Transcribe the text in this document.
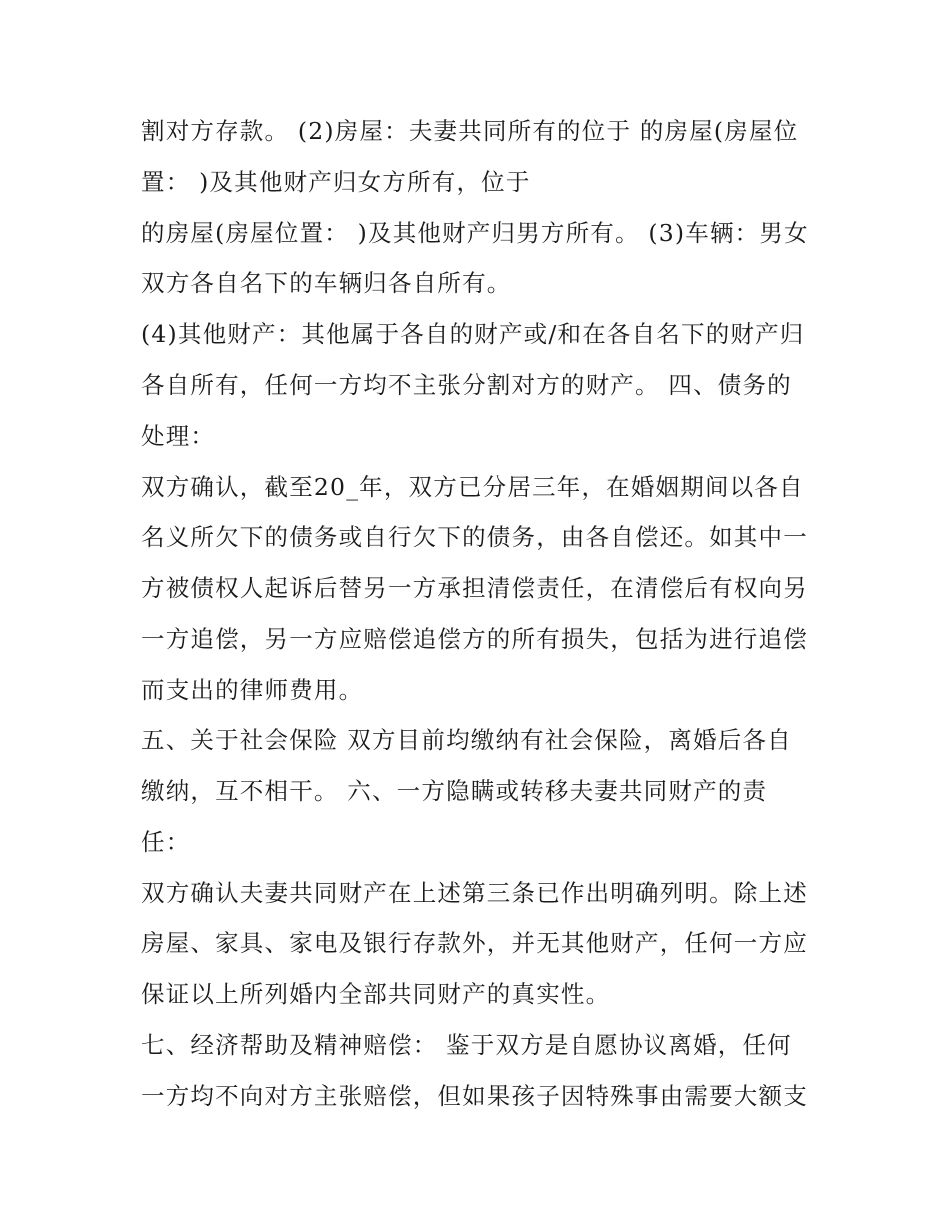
割对方存款。 (2)房屋：夫妻共同所有的位于 的房屋(房屋位
置： )及其他财产归女方所有，位于
的房屋(房屋位置： )及其他财产归男方所有。 (3)车辆：男女
双方各自名下的车辆归各自所有。
(4)其他财产：其他属于各自的财产或/和在各自名下的财产归
各自所有，任何一方均不主张分割对方的财产。 四、债务的
处理：
双方确认，截至20_年，双方已分居三年，在婚姻期间以各自
名义所欠下的债务或自行欠下的债务，由各自偿还。如其中一
方被债权人起诉后替另一方承担清偿责任，在清偿后有权向另
一方追偿，另一方应赔偿追偿方的所有损失，包括为进行追偿
而支出的律师费用。
五、关于社会保险 双方目前均缴纳有社会保险，离婚后各自
缴纳，互不相干。 六、一方隐瞒或转移夫妻共同财产的责
任：
双方确认夫妻共同财产在上述第三条已作出明确列明。除上述
房屋、家具、家电及银行存款外，并无其他财产，任何一方应
保证以上所列婚内全部共同财产的真实性。
七、经济帮助及精神赔偿： 鉴于双方是自愿协议离婚，任何
一方均不向对方主张赔偿，但如果孩子因特殊事由需要大额支
